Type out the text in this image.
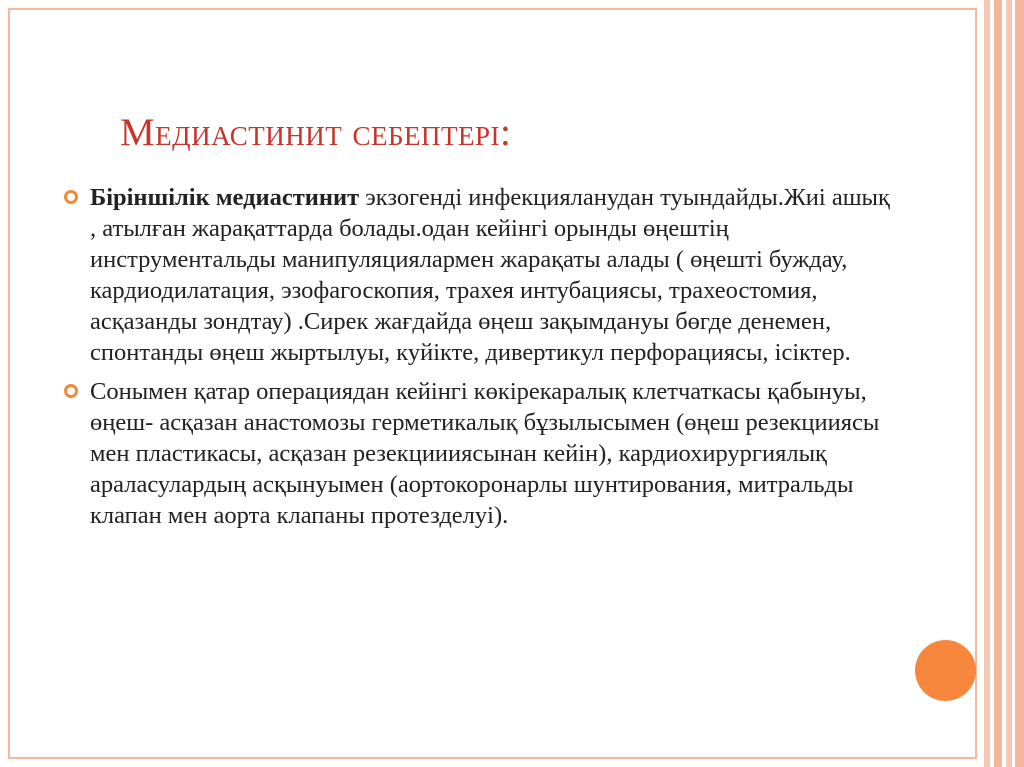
Медиастинит себептері:
Біріншілік медиастинит экзогенді инфекцияланудан туындайды.Жиі ашық , атылған жарақаттарда болады.одан кейінгі орынды өңештің инструментальды манипуляциялармен жарақаты алады ( өңешті буждау, кардиодилатация, эзофагоскопия, трахея интубациясы, трахеостомия, асқазанды зондтау) .Сирек жағдайда өңеш зақымдануы бөгде денемен, спонтанды өңеш жыртылуы, куйікте, дивертикул перфорациясы, ісіктер.
Сонымен қатар операциядан кейінгі көкірекаралық клетчаткасы қабынуы, өңеш- асқазан анастомозы герметикалық бұзылысымен (өңеш резекцииясы мен пластикасы, асқазан резекциииясынан кейін), кардиохирургиялық араласулардың асқынуымен (аортокоронарлы шунтирования, митральды клапан мен аорта клапаны протезделуі).
